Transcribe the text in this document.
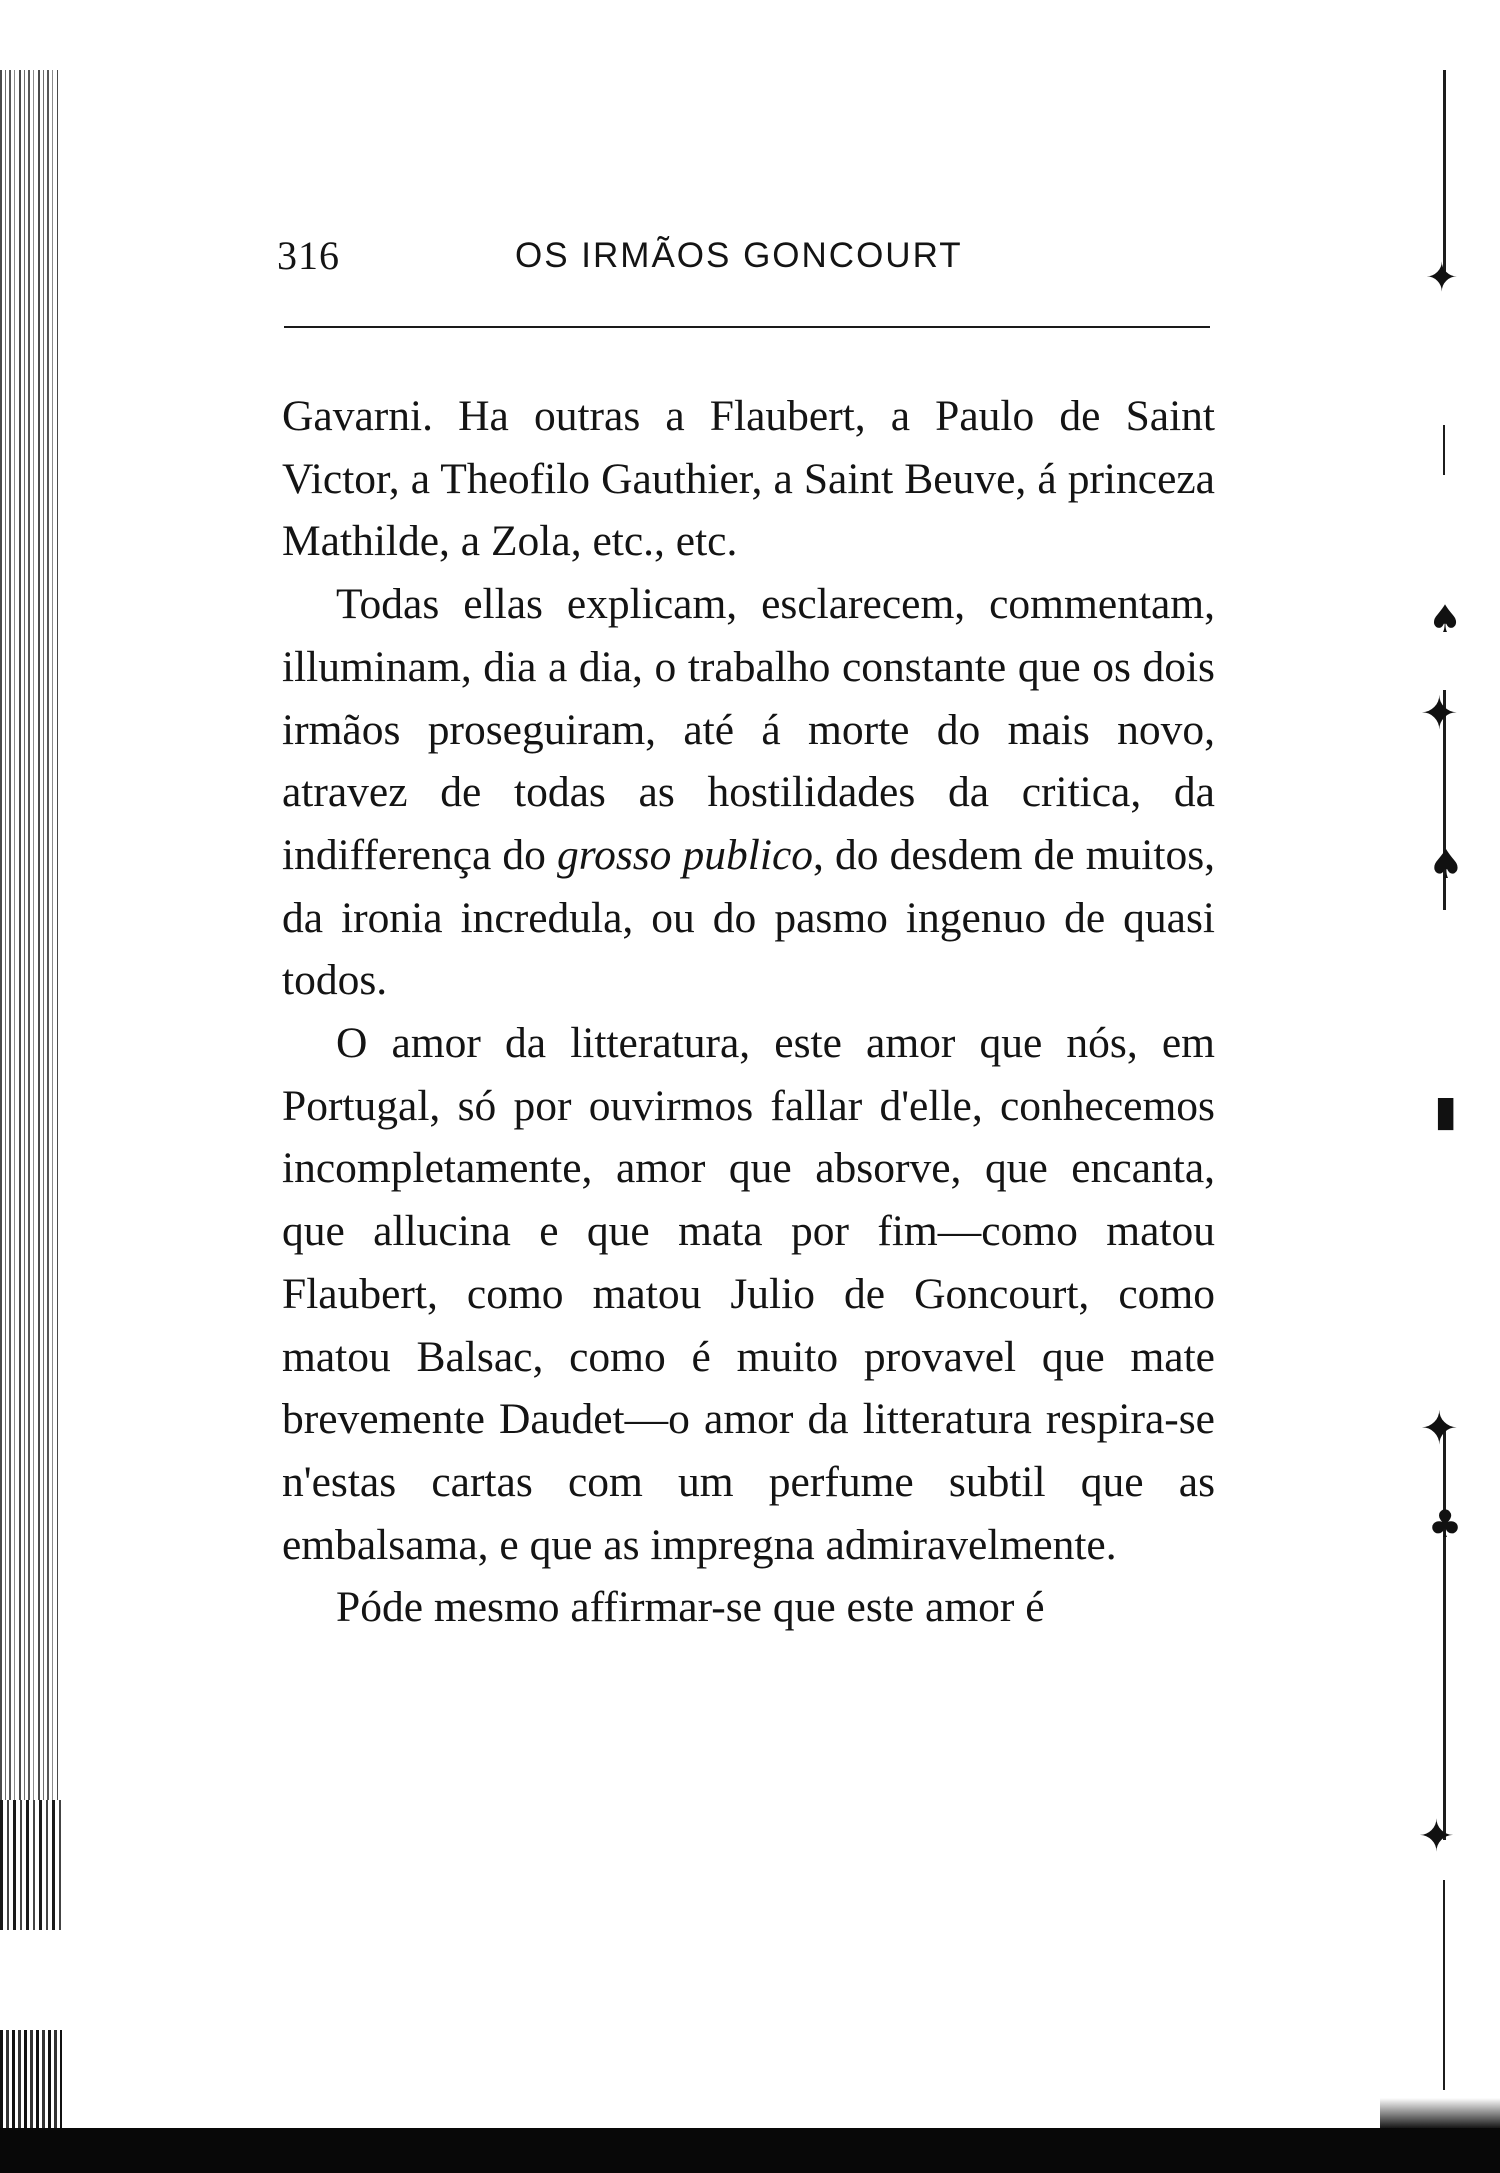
✦
♠
✦
♠
▮
✦
♣
✦
316	OS IRMÃOS GONCOURT

Gavarni. Ha outras a Flaubert, a Paulo de Saint Victor, a Theofilo Gauthier, a Saint Beuve, á princeza Mathilde, a Zola, etc., etc.

Todas ellas explicam, esclarecem, commentam, illuminam, dia a dia, o trabalho constante que os dois irmãos proseguiram, até á morte do mais novo, atravez de todas as hostilidades da critica, da indifferença do grosso publico, do desdem de muitos, da ironia incredula, ou do pasmo ingenuo de quasi todos.

O amor da litteratura, este amor que nós, em Portugal, só por ouvirmos fallar d'elle, conhecemos incompletamente, amor que absorve, que encanta, que allucina e que mata por fim—como matou Flaubert, como matou Julio de Goncourt, como matou Balsac, como é muito provavel que mate brevemente Daudet—o amor da litteratura respira-se n'estas cartas com um perfume subtil que as embalsama, e que as impregna admiravelmente.

Póde mesmo affirmar-se que este amor é
